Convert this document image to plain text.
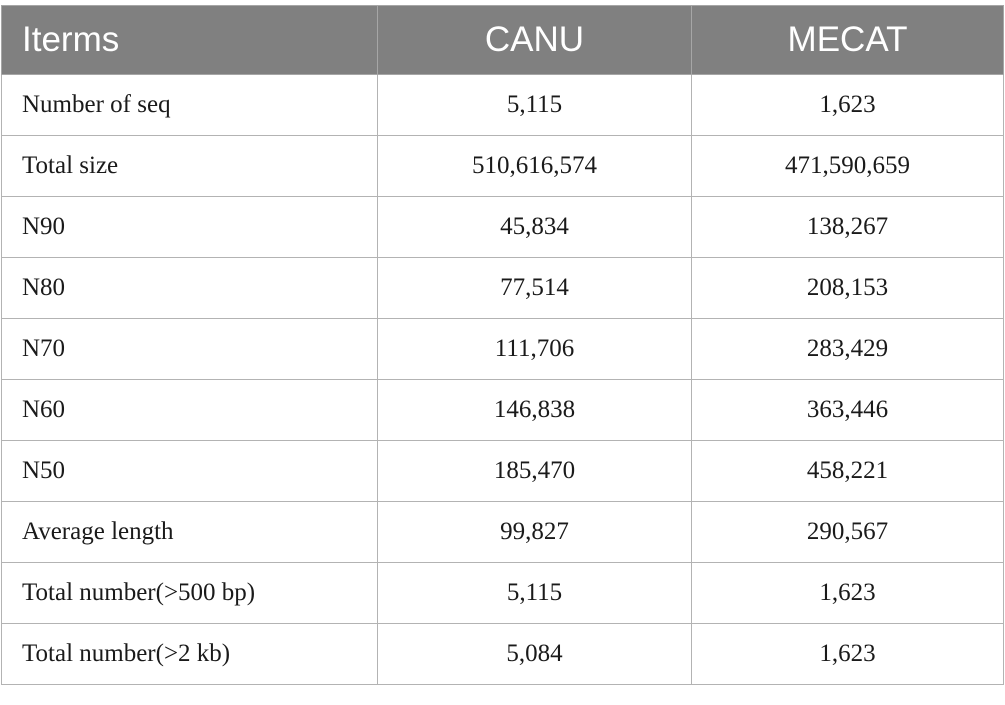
Iterms	CANU	MECAT
Number of seq	5,115	1,623
Total size	510,616,574	471,590,659
N90	45,834	138,267
N80	77,514	208,153
N70	111,706	283,429
N60	146,838	363,446
N50	185,470	458,221
Average length	99,827	290,567
Total number(>500 bp)	5,115	1,623
Total number(>2 kb)	5,084	1,623
